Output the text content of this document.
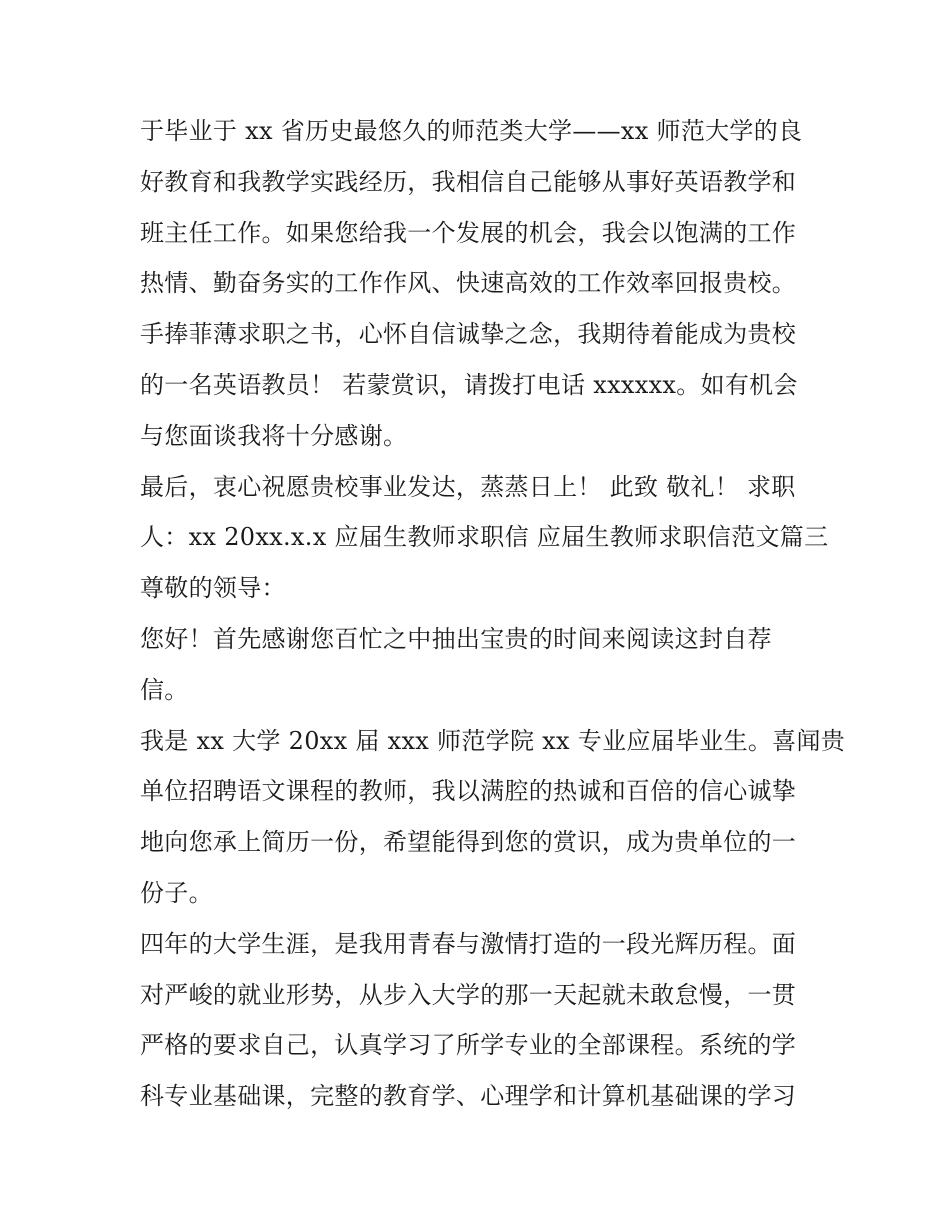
于毕业于 xx 省历史最悠久的师范类大学——xx 师范大学的良
好教育和我教学实践经历，我相信自己能够从事好英语教学和
班主任工作。如果您给我一个发展的机会，我会以饱满的工作
热情、勤奋务实的工作作风、快速高效的工作效率回报贵校。
手捧菲薄求职之书，心怀自信诚挚之念，我期待着能成为贵校
的一名英语教员！ 若蒙赏识，请拨打电话 xxxxxx。如有机会
与您面谈我将十分感谢。
最后，衷心祝愿贵校事业发达，蒸蒸日上！ 此致 敬礼！ 求职
人：xx 20xx.x.x 应届生教师求职信 应届生教师求职信范文篇三
尊敬的领导：
您好！首先感谢您百忙之中抽出宝贵的时间来阅读这封自荐
信。
我是 xx 大学 20xx 届 xxx 师范学院 xx 专业应届毕业生。喜闻贵
单位招聘语文课程的教师，我以满腔的热诚和百倍的信心诚挚
地向您承上简历一份，希望能得到您的赏识，成为贵单位的一
份子。
四年的大学生涯，是我用青春与激情打造的一段光辉历程。面
对严峻的就业形势，从步入大学的那一天起就未敢怠慢，一贯
严格的要求自己，认真学习了所学专业的全部课程。系统的学
科专业基础课，完整的教育学、心理学和计算机基础课的学习
